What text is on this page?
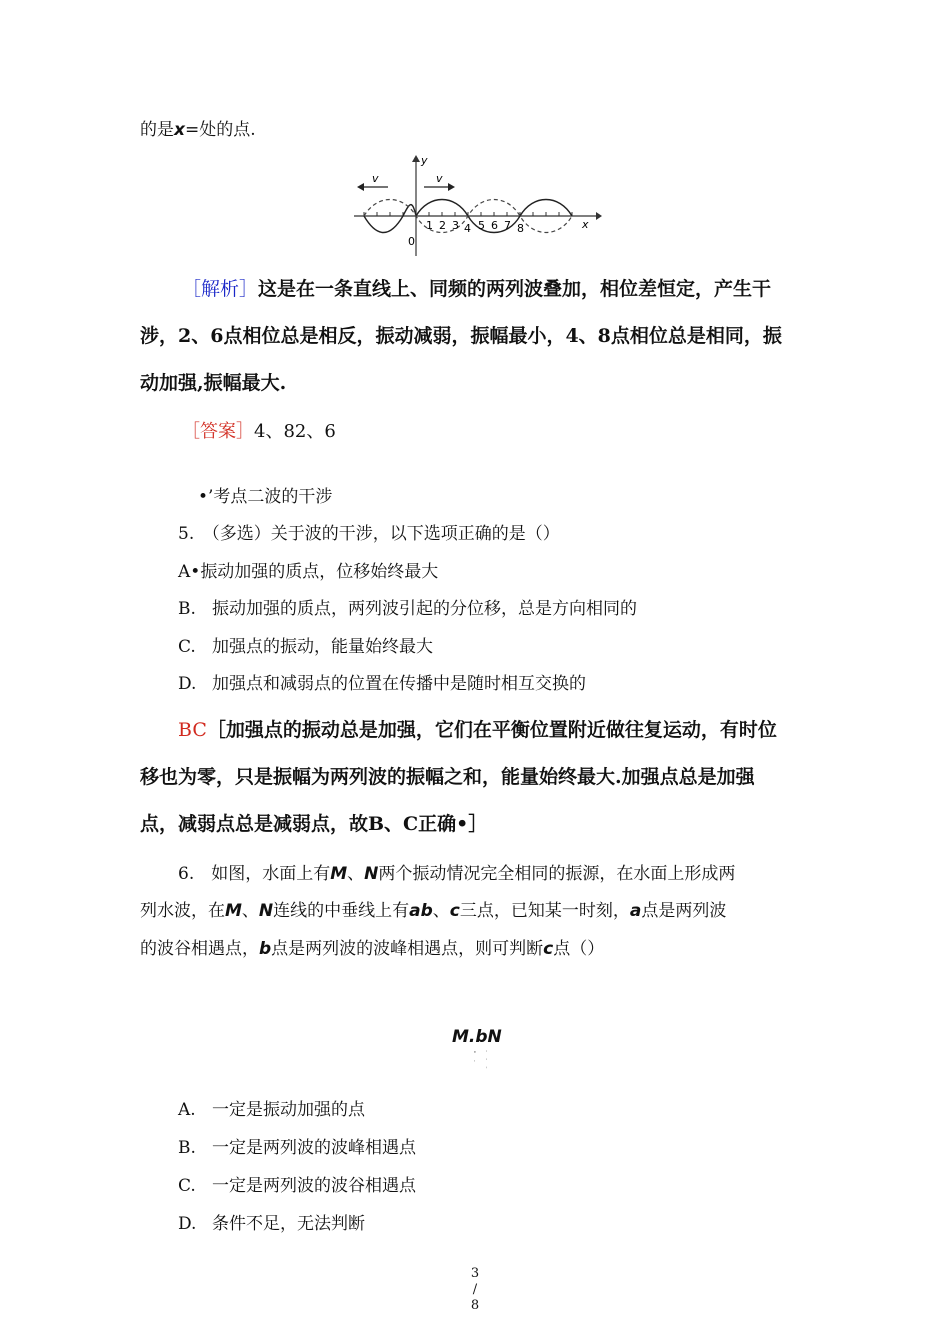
的是x=处的点.
v	v
y
x
0
1 2 3 4 5 6 7 8
［解析］这是在一条直线上、同频的两列波叠加，相位差恒定，产生干
涉，2、6点相位总是相反，振动减弱，振幅最小，4、8点相位总是相同，振
动加强,振幅最大.
［答案］4、82、6
•’考点二波的干涉
5.　（多选）关于波的干涉，以下选项正确的是（）
A•振动加强的质点，位移始终最大
B. 振动加强的质点，两列波引起的分位移，总是方向相同的
C. 加强点的振动，能量始终最大
D. 加强点和减弱点的位置在传播中是随时相互交换的
BC［加强点的振动总是加强，它们在平衡位置附近做往复运动，有时位
移也为零，只是振幅为两列波的振幅之和，能量始终最大.加强点总是加强
点，减弱点总是减弱点，故B、C正确•］
6.　如图，水面上有M、N两个振动情况完全相同的振源，在水面上形成两
列水波，在M、N连线的中垂线上有ab、c三点，已知某一时刻，a点是两列波
的波谷相遇点，b点是两列波的波峰相遇点，则可判断c点（）
M.bN
-　-　-　∙　-
A. 一定是振动加强的点
B. 一定是两列波的波峰相遇点
C. 一定是两列波的波谷相遇点
D. 条件不足，无法判断
3
/
8
